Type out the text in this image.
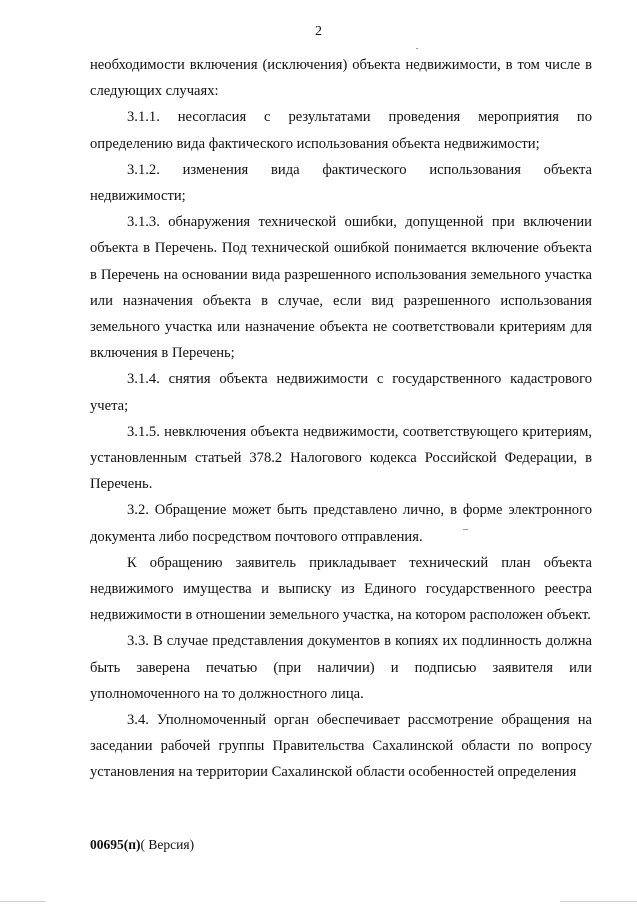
2

необходимости включения (исключения) объекта недвижимости, в том числе в следующих случаях:

3.1.1. несогласия с результатами проведения мероприятия по определению вида фактического использования объекта недвижимости;

3.1.2. изменения вида фактического использования объекта недвижимости;

3.1.3. обнаружения технической ошибки, допущенной при включении объекта в Перечень. Под технической ошибкой понимается включение объекта в Перечень на основании вида разрешенного использования земельного участка или назначения объекта в случае, если вид разрешенного использования земельного участка или назначение объекта не соответствовали критериям для включения в Перечень;

3.1.4. снятия объекта недвижимости с государственного кадастрового учета;

3.1.5. невключения объекта недвижимости, соответствующего критериям, установленным статьей 378.2 Налогового кодекса Российской Федерации, в Перечень.

3.2. Обращение может быть представлено лично, в форме электронного документа либо посредством почтового отправления.

К обращению заявитель прикладывает технический план объекта недвижимого имущества и выписку из Единого государственного реестра недвижимости в отношении земельного участка, на котором расположен объект.

3.3. В случае представления документов в копиях их подлинность должна быть заверена печатью (при наличии) и подписью заявителя или уполномоченного на то должностного лица.

3.4. Уполномоченный орган обеспечивает рассмотрение обращения на заседании рабочей группы Правительства Сахалинской области по вопросу установления на территории Сахалинской области особенностей определения

00695(п)( Версия)
